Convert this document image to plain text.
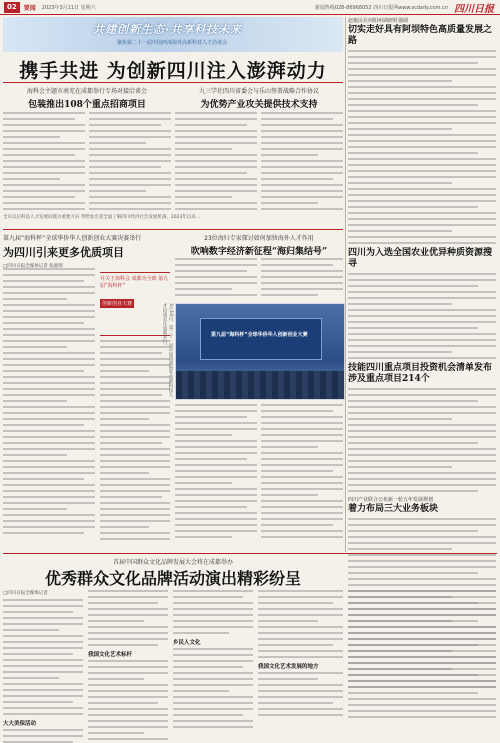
02	要闻 2023年3月11日 星期六	新闻热线028-86968052 四川日报网www.scdaily.com.cn 四川日报
共建创新生态·共享科技未来
聚焦第二十一届中国西部海外高新科技人才洽谈会
携手共进 为创新四川注入澎湃动力
海科会主题市南充在成都举行专场对接洽谈会
包装推出108个重点招商项目
九三学社四川省委会与乐山签署战略合作协议
为优势产业攻关提供技术支持
全市以后科技人才发展问题为重要方向 带给参会者全面了解四川经济社会发展机遇、2023年以来…
第九届“海科杯”全球华侨华人创新创业大赛决赛举行
为四川引来更多优质项目
□四川日报全媒体记者 张庭瑞
并关于海科会 成都为全球 第九届“海科杯”
创新创业大赛
23位海归专家探讨如何加快海外人才作用
吹响数字经济新征程“海归集结号”
3月10日，第二十一届中国西部海外高新科技人才洽谈会在成都举行。	第九届“海科杯”全球华侨华人创新创业大赛
赵俊民在何阳州调研时强调
切实走好具有阿坝特色高质量发展之路
四川为入选全国农业优异种质资源搜寻
技能四川重点项目投资机会清单发布涉及重点项目214个
四川产业联合公布新一轮五年发展规划
着力布局三大业务板块
首届中国群众文化品牌发展大会将在成都举办
优秀群众文化品牌活动演出精彩纷呈
□四川日报全媒体记者
大大美保活动
我国文化艺术标杆
乡民人文化
我国文化艺术发展的地方
